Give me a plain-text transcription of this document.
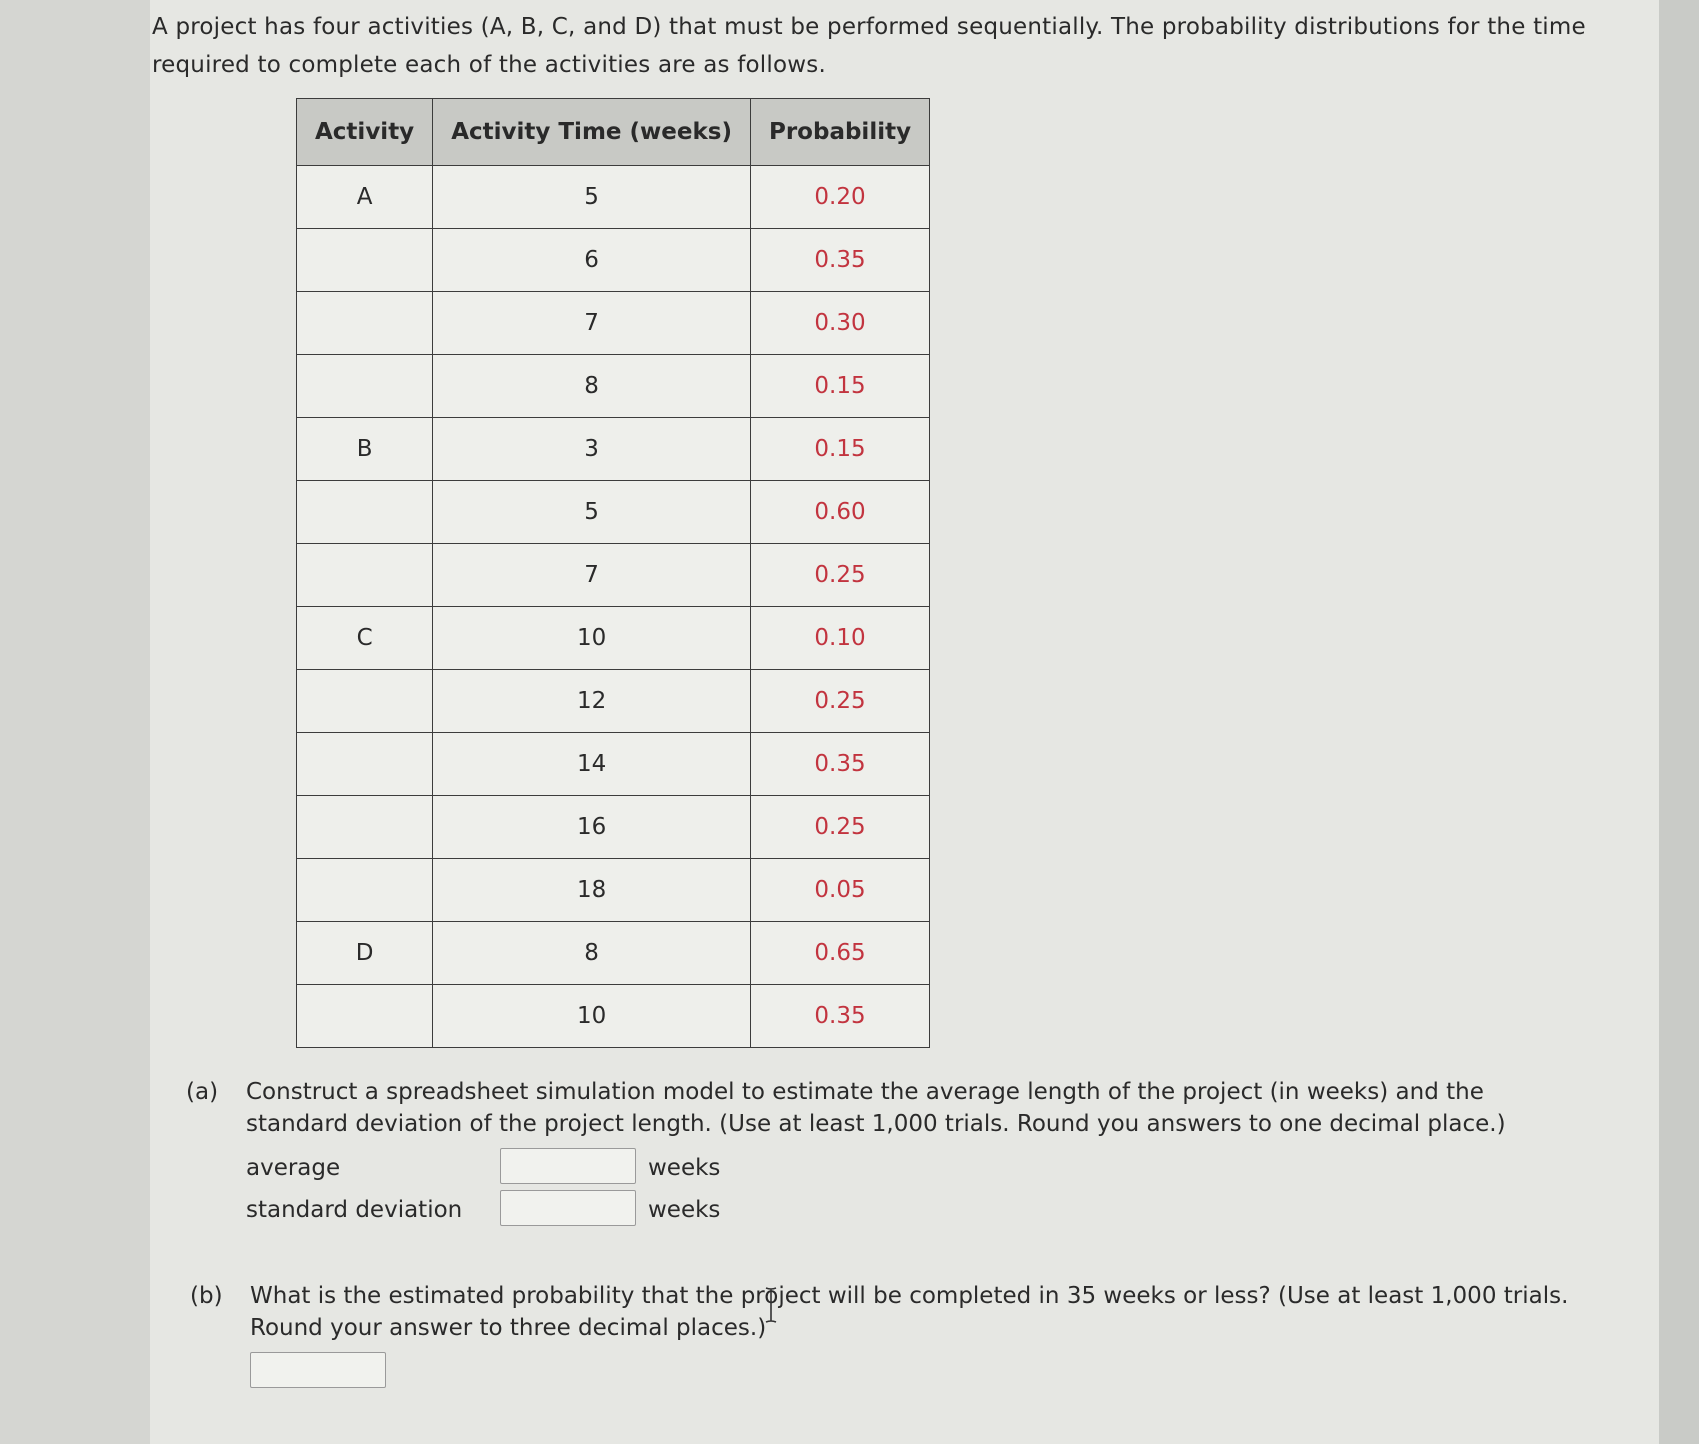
A project has four activities (A, B, C, and D) that must be performed sequentially. The probability distributions for the time required to complete each of the activities are as follows.
Activity	Activity Time (weeks)	Probability
A	5	0.20
	6	0.35
	7	0.30
	8	0.15
B	3	0.15
	5	0.60
	7	0.25
C	10	0.10
	12	0.25
	14	0.35
	16	0.25
	18	0.05
D	8	0.65
	10	0.35
(a) Construct a spreadsheet simulation model to estimate the average length of the project (in weeks) and the standard deviation of the project length. (Use at least 1,000 trials. Round you answers to one decimal place.)
average	weeks
standard deviation	weeks
(b) What is the estimated probability that the project will be completed in 35 weeks or less? (Use at least 1,000 trials. Round your answer to three decimal places.)
